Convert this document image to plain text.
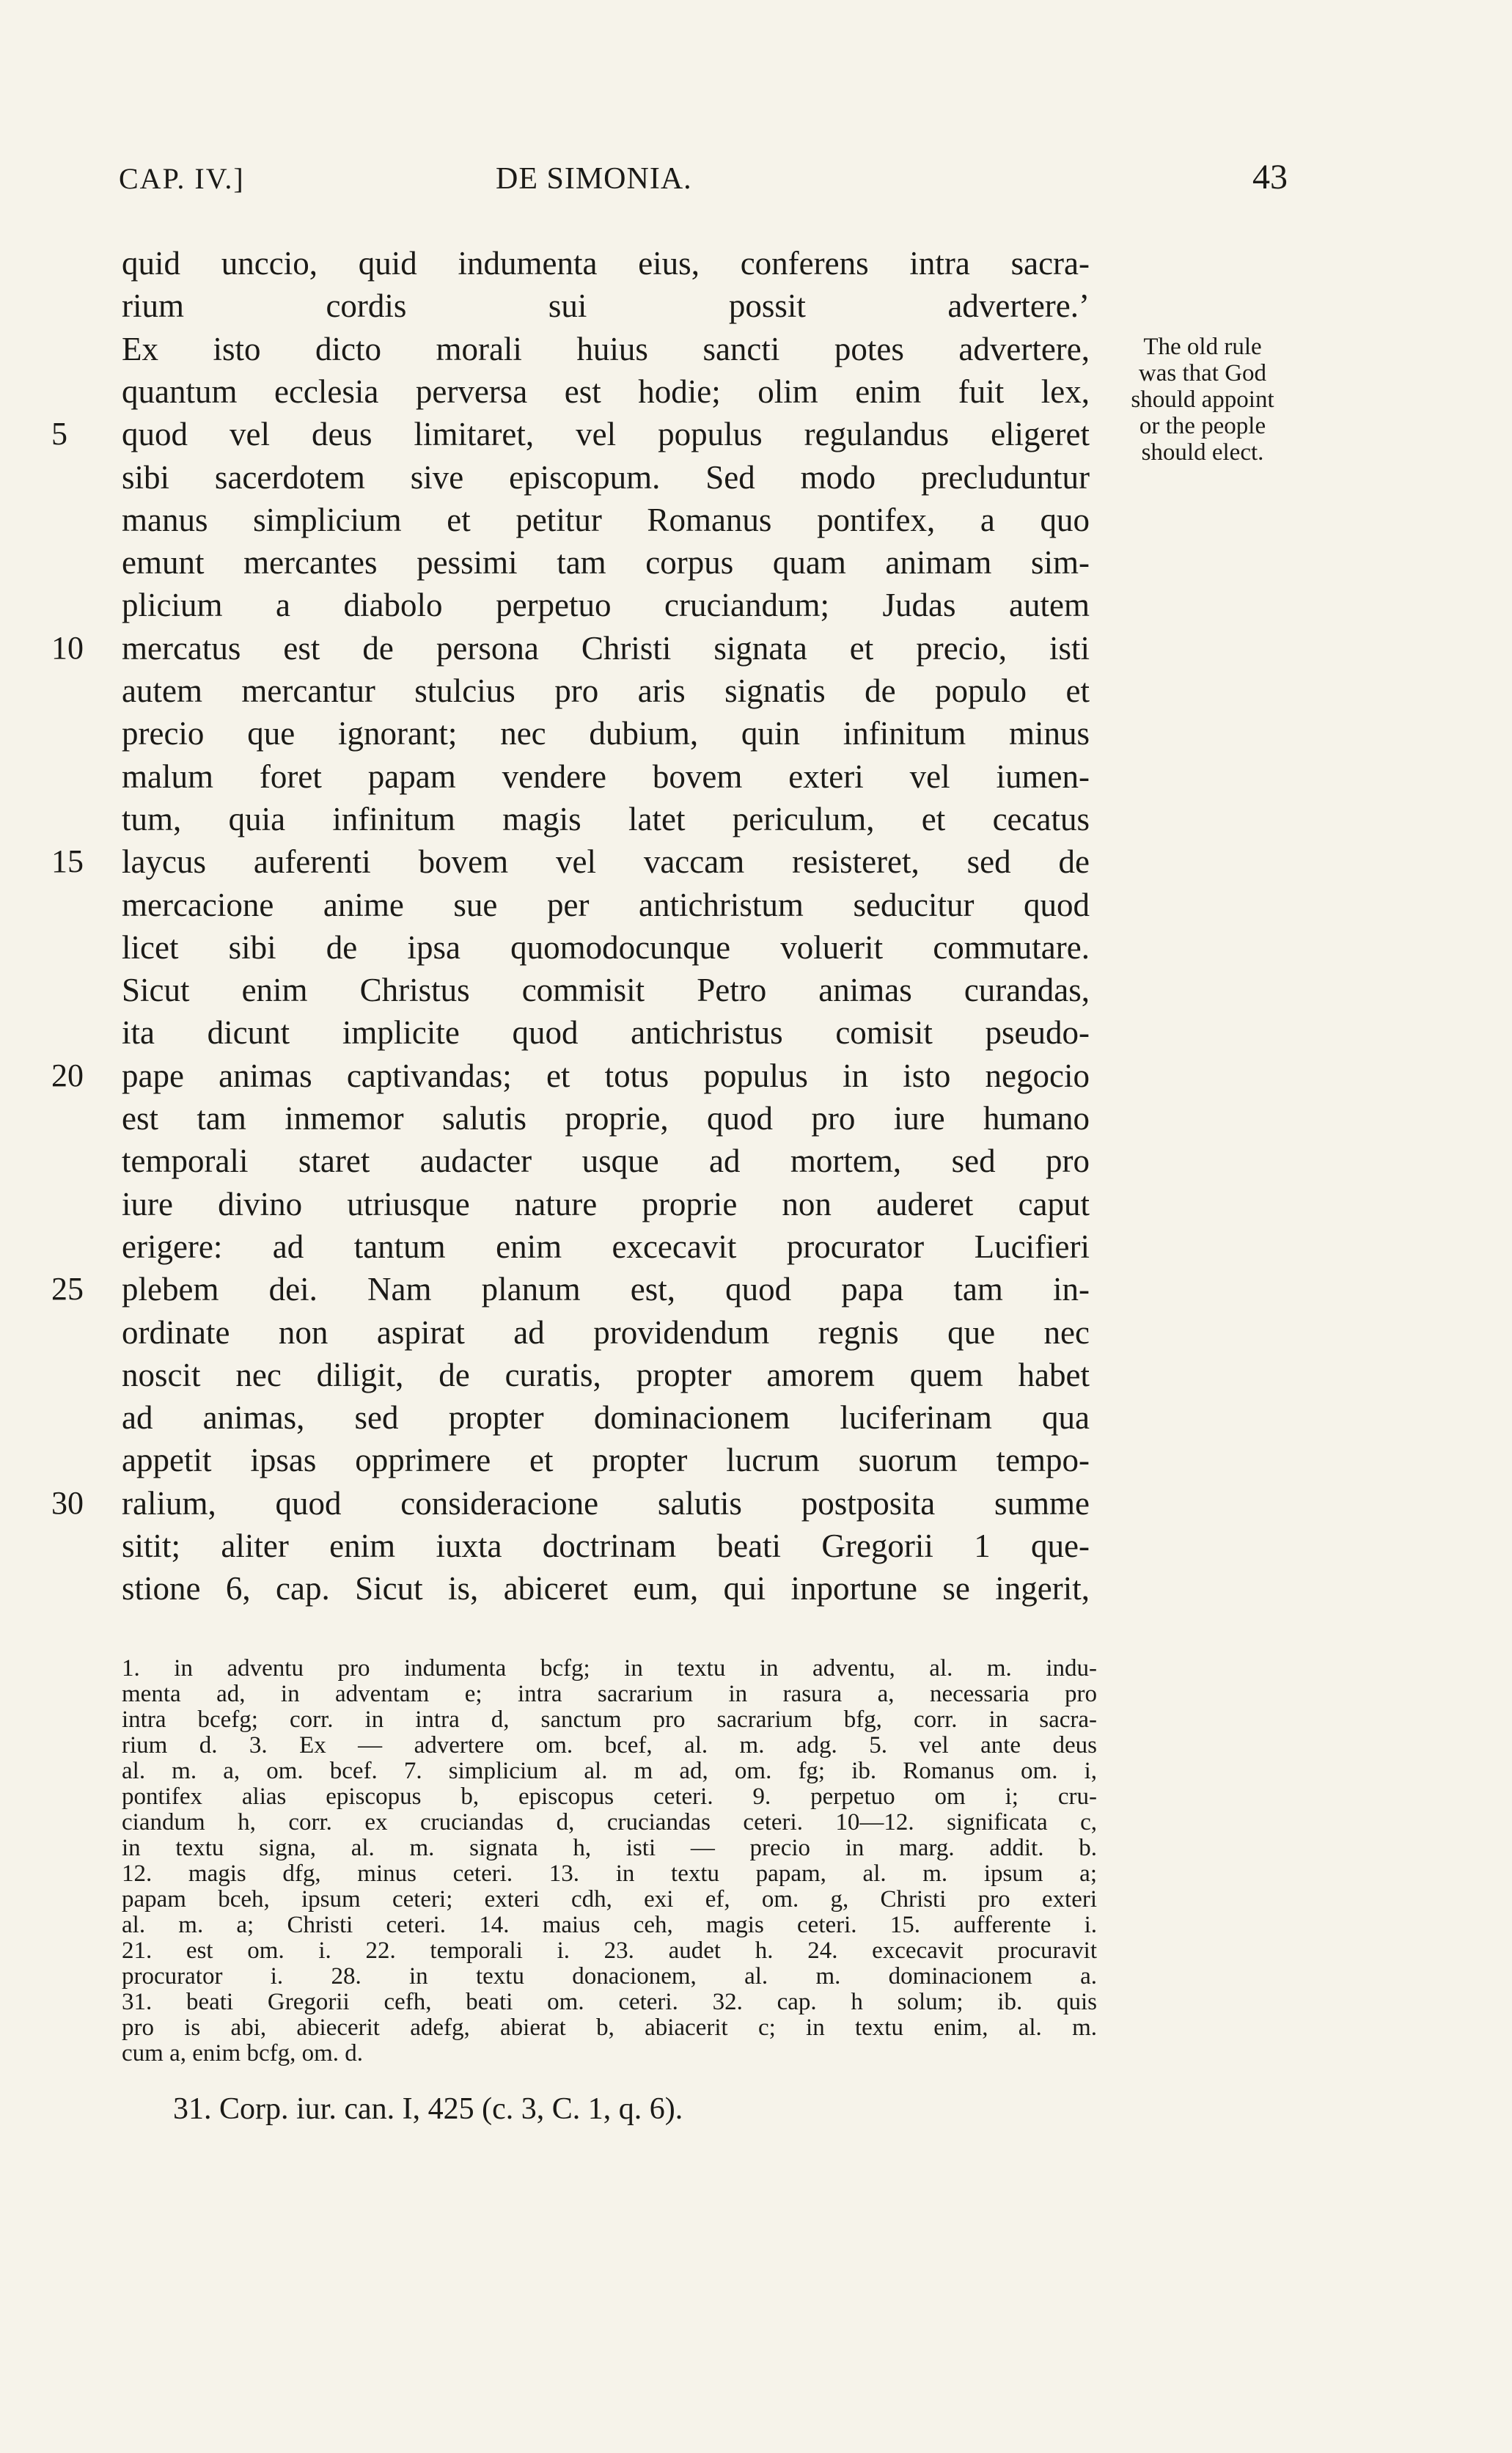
CAP. IV.]	DE SIMONIA.	43
quid unccio, quid indumenta eius, conferens intra sacra-
rium cordis sui possit advertere.’
Ex isto dicto morali huius sancti potes advertere,
quantum ecclesia perversa est hodie; olim enim fuit lex,
5	quod vel deus limitaret, vel populus regulandus eligeret
sibi sacerdotem sive episcopum. Sed modo precluduntur
manus simplicium et petitur Romanus pontifex, a quo
emunt mercantes pessimi tam corpus quam animam sim-
plicium a diabolo perpetuo cruciandum; Judas autem
10	mercatus est de persona Christi signata et precio, isti
autem mercantur stulcius pro aris signatis de populo et
precio que ignorant; nec dubium, quin infinitum minus
malum foret papam vendere bovem exteri vel iumen-
tum, quia infinitum magis latet periculum, et cecatus
15	laycus auferenti bovem vel vaccam resisteret, sed de
mercacione anime sue per antichristum seducitur quod
licet sibi de ipsa quomodocunque voluerit commutare.
Sicut enim Christus commisit Petro animas curandas,
ita dicunt implicite quod antichristus comisit pseudo-
20	pape animas captivandas; et totus populus in isto negocio
est tam inmemor salutis proprie, quod pro iure humano
temporali staret audacter usque ad mortem, sed pro
iure divino utriusque nature proprie non auderet caput
erigere: ad tantum enim excecavit procurator Lucifieri
25	plebem dei. Nam planum est, quod papa tam in-
ordinate non aspirat ad providendum regnis que nec
noscit nec diligit, de curatis, propter amorem quem habet
ad animas, sed propter dominacionem luciferinam qua
appetit ipsas opprimere et propter lucrum suorum tempo-
30	ralium, quod consideracione salutis postposita summe
sitit; aliter enim iuxta doctrinam beati Gregorii 1 que-
stione 6, cap. Sicut is, abiceret eum, qui inportune se ingerit,
The old rule
was that God
should appoint
or the people
should elect.
1. in adventu pro indumenta bcfg; in textu in adventu, al. m. indu-
menta ad, in adventam e; intra sacrarium in rasura a, necessaria pro
intra bcefg; corr. in intra d, sanctum pro sacrarium bfg, corr. in sacra-
rium d. 3. Ex — advertere om. bcef, al. m. adg. 5. vel ante deus
al. m. a, om. bcef. 7. simplicium al. m ad, om. fg; ib. Romanus om. i,
pontifex alias episcopus b, episcopus ceteri. 9. perpetuo om i; cru-
ciandum h, corr. ex cruciandas d, cruciandas ceteri. 10—12. significata c,
in textu signa, al. m. signata h, isti — precio in marg. addit. b.
12. magis dfg, minus ceteri. 13. in textu papam, al. m. ipsum a;
papam bceh, ipsum ceteri; exteri cdh, exi ef, om. g, Christi pro exteri
al. m. a; Christi ceteri. 14. maius ceh, magis ceteri. 15. aufferente i.
21. est om. i. 22. temporali i. 23. audet h. 24. excecavit procuravit
procurator i. 28. in textu donacionem, al. m. dominacionem a.
31. beati Gregorii cefh, beati om. ceteri. 32. cap. h solum; ib. quis
pro is abi, abiecerit adefg, abierat b, abiacerit c; in textu enim, al. m.
cum a, enim bcfg, om. d.
31. Corp. iur. can. I, 425 (c. 3, C. 1, q. 6).
